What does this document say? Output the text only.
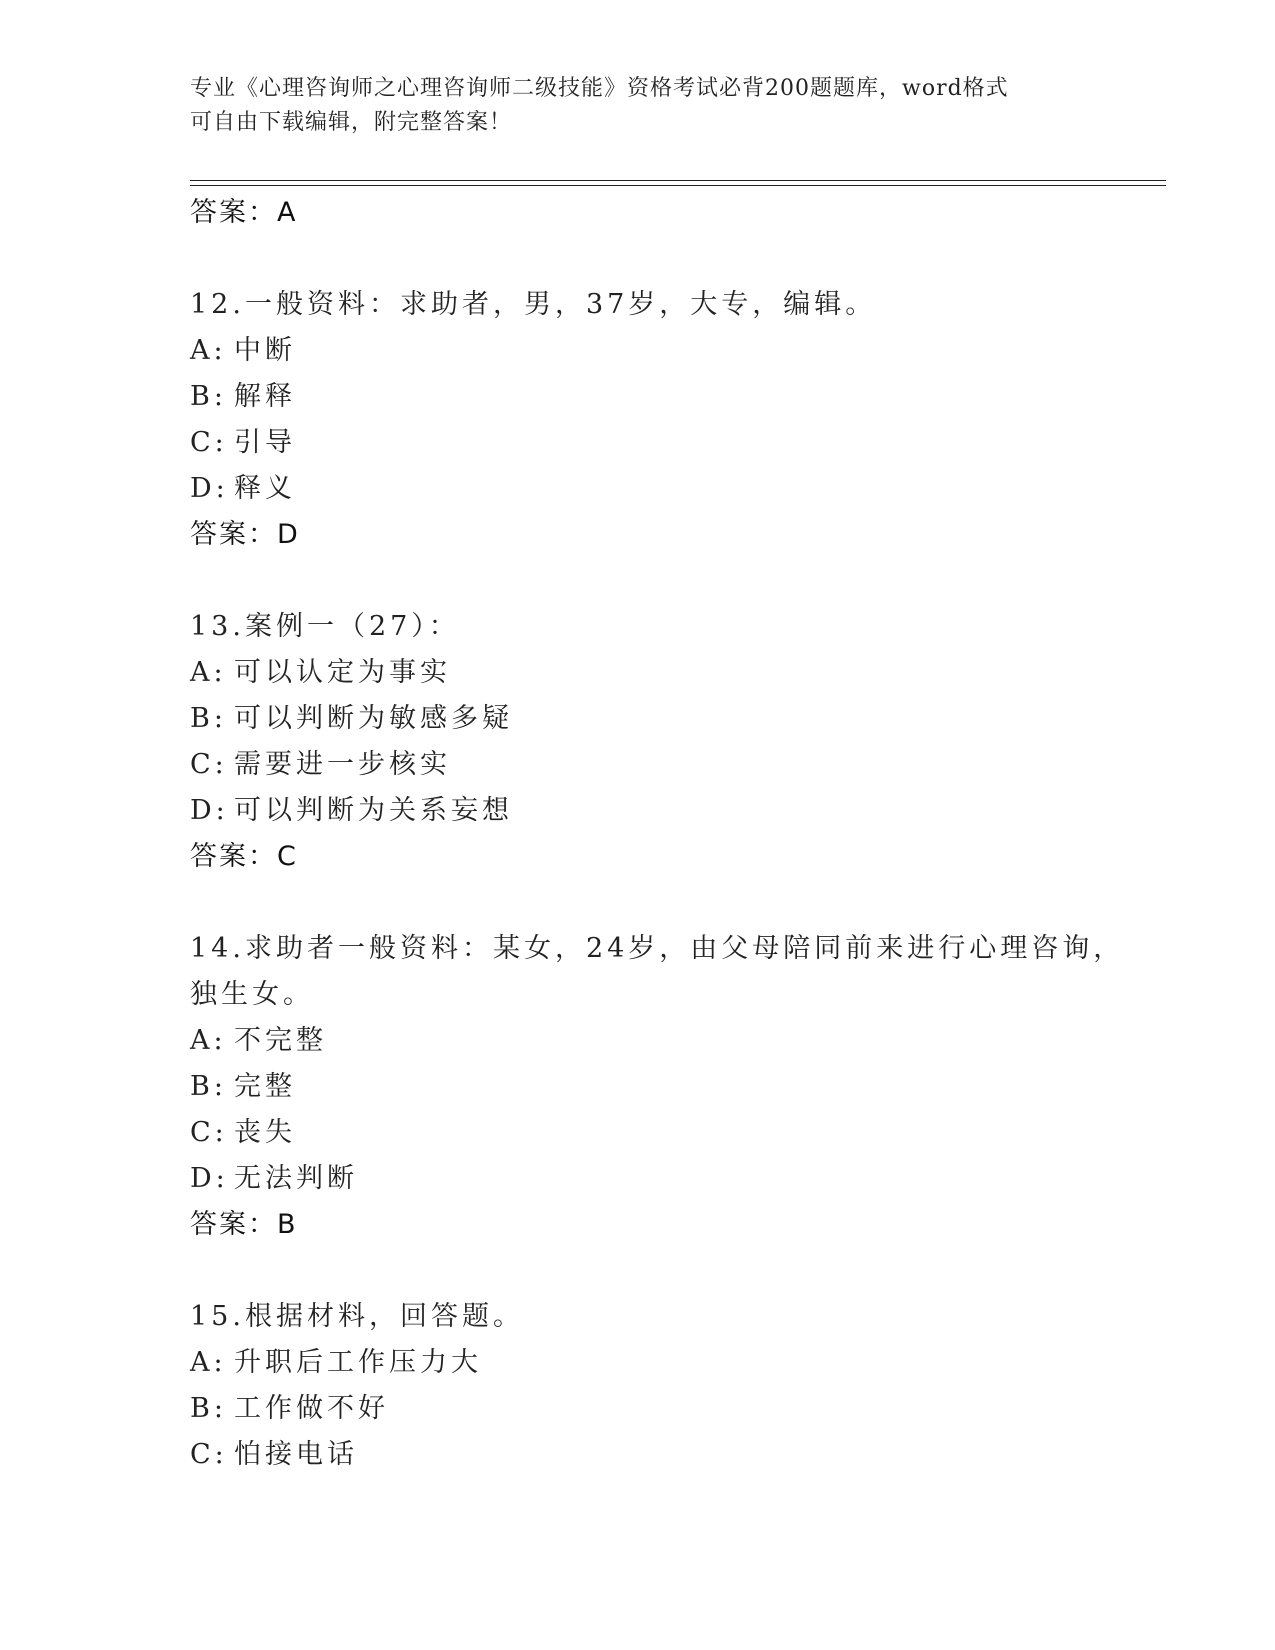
专业《心理咨询师之心理咨询师二级技能》资格考试必背200题题库，word格式
可自由下载编辑，附完整答案！
答案：A
12.一般资料：求助者，男，37岁，大专，编辑。
A: 中断
B: 解释
C: 引导
D: 释义
答案：D
13.案例一（27）：
A: 可以认定为事实
B: 可以判断为敏感多疑
C: 需要进一步核实
D: 可以判断为关系妄想
答案：C
14.求助者一般资料：某女，24岁，由父母陪同前来进行心理咨询，独生女。
A: 不完整
B: 完整
C: 丧失
D: 无法判断
答案：B
15.根据材料，回答题。
A: 升职后工作压力大
B: 工作做不好
C: 怕接电话
